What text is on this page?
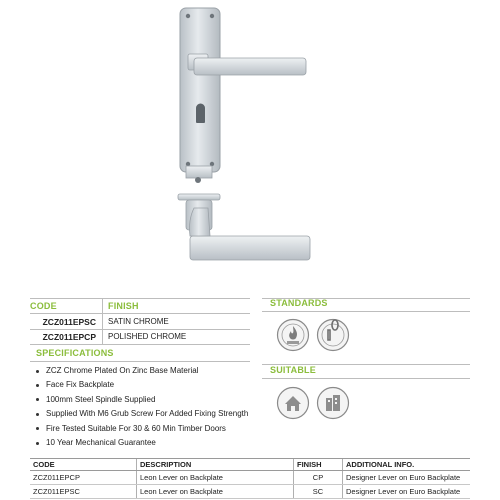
CODE	FINISH
ZCZ011EPSC SATIN CHROME
ZCZ011EPCP POLISHED CHROME
SPECIFICATIONS
ZCZ Chrome Plated On Zinc Base Material
Face Fix Backplate
100mm Steel Spindle Supplied
Supplied With M6 Grub Screw For Added Fixing Strength
Fire Tested Suitable For 30 & 60 Min Timber Doors
10 Year Mechanical Guarantee
STANDARDS
SUITABLE
CODE	DESCRIPTION	FINISH	ADDITIONAL INFO.
ZCZ011EPCP	Leon Lever on Backplate	CP	Designer Lever on Euro Backplate
ZCZ011EPSC	Leon Lever on Backplate	SC	Designer Lever on Euro Backplate
